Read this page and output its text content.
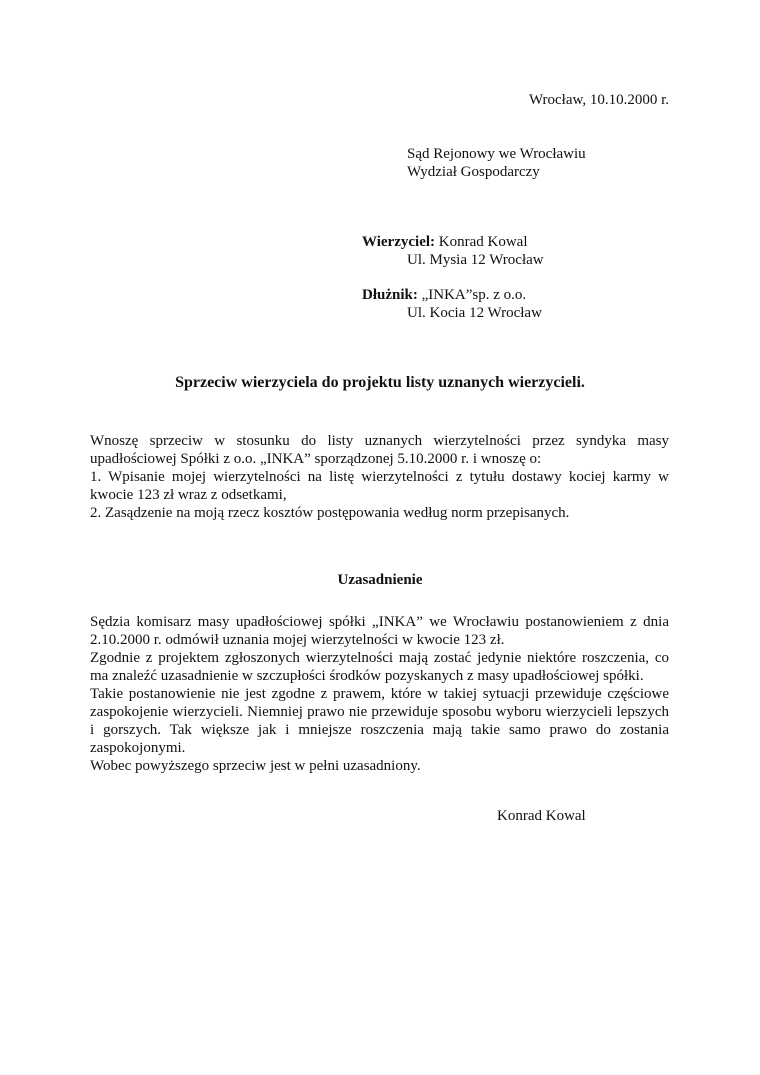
Wrocław, 10.10.2000 r.
Sąd Rejonowy we Wrocławiu
Wydział Gospodarczy
Wierzyciel: Konrad Kowal
Ul. Mysia 12 Wrocław
Dłużnik: „INKA”sp. z o.o.
Ul. Kocia 12 Wrocław
Sprzeciw wierzyciela do projektu listy uznanych wierzycieli.
Wnoszę sprzeciw w stosunku do listy uznanych wierzytelności przez syndyka masy upadłościowej Spółki z o.o. „INKA” sporządzonej 5.10.2000 r. i wnoszę o:
1. Wpisanie mojej wierzytelności na listę wierzytelności z tytułu dostawy kociej karmy w kwocie 123 zł wraz z odsetkami,
2. Zasądzenie na moją rzecz kosztów postępowania według norm przepisanych.
Uzasadnienie
Sędzia komisarz masy upadłościowej spółki „INKA” we Wrocławiu postanowieniem z dnia 2.10.2000 r. odmówił uznania mojej wierzytelności w kwocie 123 zł.
Zgodnie z projektem zgłoszonych wierzytelności mają zostać jedynie niektóre roszczenia, co ma znaleźć uzasadnienie w szczupłości środków pozyskanych z masy upadłościowej spółki.
Takie postanowienie nie jest zgodne z prawem, które w takiej sytuacji przewiduje częściowe zaspokojenie wierzycieli. Niemniej prawo nie przewiduje sposobu wyboru wierzycieli lepszych i gorszych. Tak większe jak i mniejsze roszczenia mają takie samo prawo do zostania zaspokojonymi.
Wobec powyższego sprzeciw jest w pełni uzasadniony.
Konrad Kowal
